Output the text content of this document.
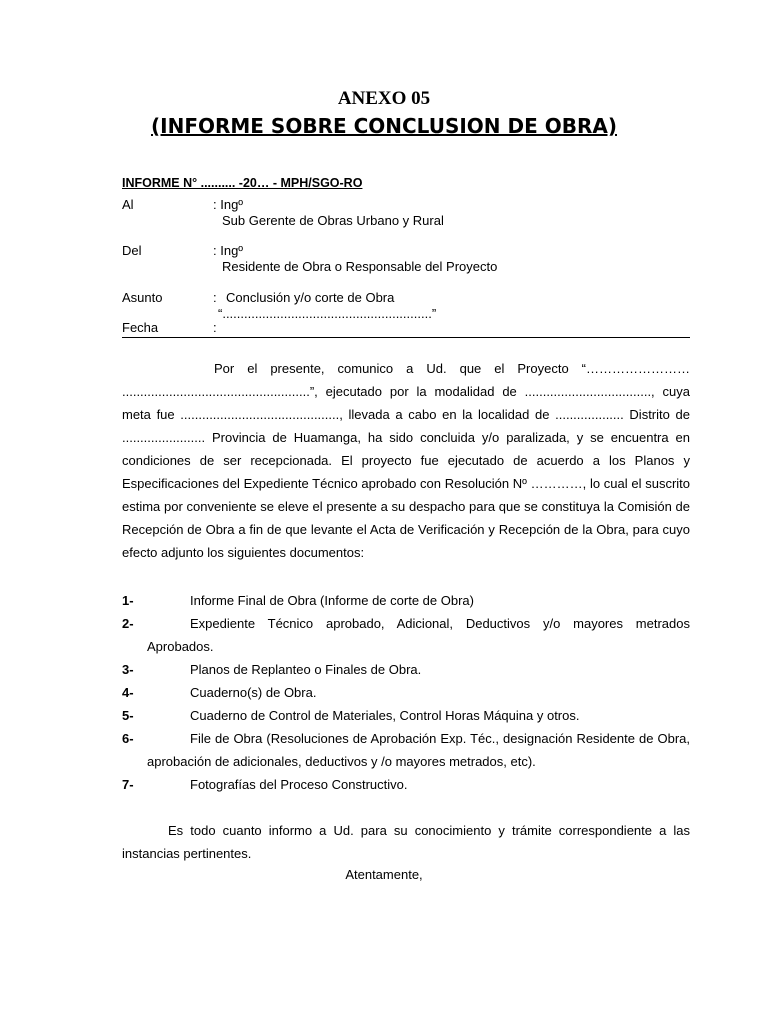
ANEXO 05
(INFORME SOBRE CONCLUSION DE OBRA)
INFORME N° .......... -20… - MPH/SGO-RO
Al	: Ingº
Sub Gerente de Obras Urbano y Rural
Del	: Ingº
Residente de Obra o Responsable del Proyecto
Asunto	: Conclusión y/o corte de Obra
“..........................................................”
Fecha	:

Por el presente, comunico a Ud. que el Proyecto “…………………… ....................................................”, ejecutado por la modalidad de ..................................., cuya meta fue ............................................, llevada a cabo en la localidad de ................... Distrito de ....................... Provincia de Huamanga, ha sido concluida y/o paralizada, y se encuentra en condiciones de ser recepcionada. El proyecto fue ejecutado de acuerdo a los Planos y Especificaciones del Expediente Técnico aprobado con Resolución Nº …………, lo cual el suscrito estima por conveniente se eleve el presente a su despacho para que se constituya la Comisión de Recepción de Obra a fin de que levante el Acta de Verificación y Recepción de la Obra, para cuyo efecto adjunto los siguientes documentos:

1-	Informe Final de Obra (Informe de corte de Obra)
2-	Expediente Técnico aprobado, Adicional, Deductivos y/o mayores metrados Aprobados.
3-	Planos de Replanteo o Finales de Obra.
4-	Cuaderno(s) de Obra.
5-	Cuaderno de Control de Materiales, Control Horas Máquina y otros.
6-	File de Obra (Resoluciones de Aprobación Exp. Téc., designación Residente de Obra, aprobación de adicionales, deductivos y /o mayores metrados, etc).
7-	Fotografías del Proceso Constructivo.

Es todo cuanto informo a Ud. para su conocimiento y trámite correspondiente a las instancias pertinentes.

Atentamente,
